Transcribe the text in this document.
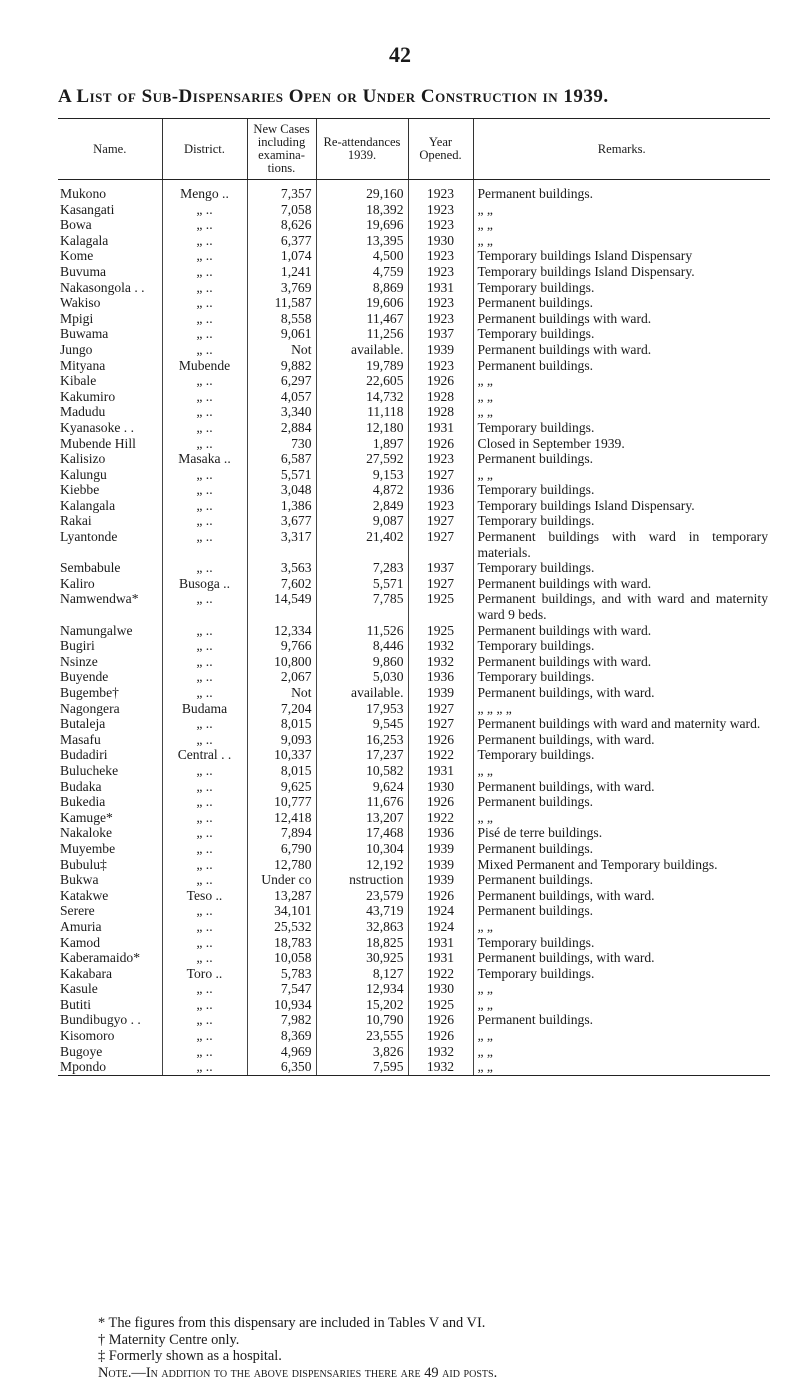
42
A List of Sub-Dispensaries Open or Under Construction in 1939.
Name.	District.	New Cases including examina-tions.	Re-attendances 1939.	Year Opened.	Remarks.
Mukono	Mengo ..	7,357	29,160	1923	Permanent buildings.
Kasangati	„ ..	7,058	18,392	1923	„ „
Bowa	„ ..	8,626	19,696	1923	„ „
Kalagala	„ ..	6,377	13,395	1930	„ „
Kome	„ ..	1,074	4,500	1923	Temporary buildings Island Dispensary
Buvuma	„ ..	1,241	4,759	1923	Temporary buildings Island Dispensary.
Nakasongola . .	„ ..	3,769	8,869	1931	Temporary buildings.
Wakiso	„ ..	11,587	19,606	1923	Permanent buildings.
Mpigi	„ ..	8,558	11,467	1923	Permanent buildings with ward.
Buwama	„ ..	9,061	11,256	1937	Temporary buildings.
Jungo	„ ..	Not	available.	1939	Permanent buildings with ward.
Mityana	Mubende	9,882	19,789	1923	Permanent buildings.
Kibale	„ ..	6,297	22,605	1926	„ „
Kakumiro	„ ..	4,057	14,732	1928	„ „
Madudu	„ ..	3,340	11,118	1928	„ „
Kyanasoke . .	„ ..	2,884	12,180	1931	Temporary buildings.
Mubende Hill	„ ..	730	1,897	1926	Closed in September 1939.
Kalisizo	Masaka ..	6,587	27,592	1923	Permanent buildings.
Kalungu	„ ..	5,571	9,153	1927	„ „
Kiebbe	„ ..	3,048	4,872	1936	Temporary buildings.
Kalangala	„ ..	1,386	2,849	1923	Temporary buildings Island Dispensary.
Rakai	„ ..	3,677	9,087	1927	Temporary buildings.
Lyantonde	„ ..	3,317	21,402	1927	Permanent buildings with ward in temporary materials.
Sembabule	„ ..	3,563	7,283	1937	Temporary buildings.
Kaliro	Busoga ..	7,602	5,571	1927	Permanent buildings with ward.
Namwendwa*	„ ..	14,549	7,785	1925	Permanent buildings, and with ward and maternity ward 9 beds.
Namungalwe	„ ..	12,334	11,526	1925	Permanent buildings with ward.
Bugiri	„ ..	9,766	8,446	1932	Temporary buildings.
Nsinze	„ ..	10,800	9,860	1932	Permanent buildings with ward.
Buyende	„ ..	2,067	5,030	1936	Temporary buildings.
Bugembe†	„ ..	Not	available.	1939	Permanent buildings, with ward.
Nagongera	Budama	7,204	17,953	1927	„ „ „ „
Butaleja	„ ..	8,015	9,545	1927	Permanent buildings with ward and maternity ward.
Masafu	„ ..	9,093	16,253	1926	Permanent buildings, with ward.
Budadiri	Central . .	10,337	17,237	1922	Temporary buildings.
Bulucheke	„ ..	8,015	10,582	1931	„ „
Budaka	„ ..	9,625	9,624	1930	Permanent buildings, with ward.
Bukedia	„ ..	10,777	11,676	1926	Permanent buildings.
Kamuge*	„ ..	12,418	13,207	1922	„ „
Nakaloke	„ ..	7,894	17,468	1936	Pisé de terre buildings.
Muyembe	„ ..	6,790	10,304	1939	Permanent buildings.
Bubulu‡	„ ..	12,780	12,192	1939	Mixed Permanent and Temporary buildings.
Bukwa	„ ..	Under co	nstruction	1939	Permanent buildings.
Katakwe	Teso ..	13,287	23,579	1926	Permanent buildings, with ward.
Serere	„ ..	34,101	43,719	1924	Permanent buildings.
Amuria	„ ..	25,532	32,863	1924	„ „
Kamod	„ ..	18,783	18,825	1931	Temporary buildings.
Kaberamaido*	„ ..	10,058	30,925	1931	Permanent buildings, with ward.
Kakabara	Toro ..	5,783	8,127	1922	Temporary buildings.
Kasule	„ ..	7,547	12,934	1930	„ „
Butiti	„ ..	10,934	15,202	1925	„ „
Bundibugyo . .	„ ..	7,982	10,790	1926	Permanent buildings.
Kisomoro	„ ..	8,369	23,555	1926	„ „
Bugoye	„ ..	4,969	3,826	1932	„ „
Mpondo	„ ..	6,350	7,595	1932	„ „
* The figures from this dispensary are included in Tables V and VI.
† Maternity Centre only.
‡ Formerly shown as a hospital.
Note.—In addition to the above dispensaries there are 49 aid posts.
